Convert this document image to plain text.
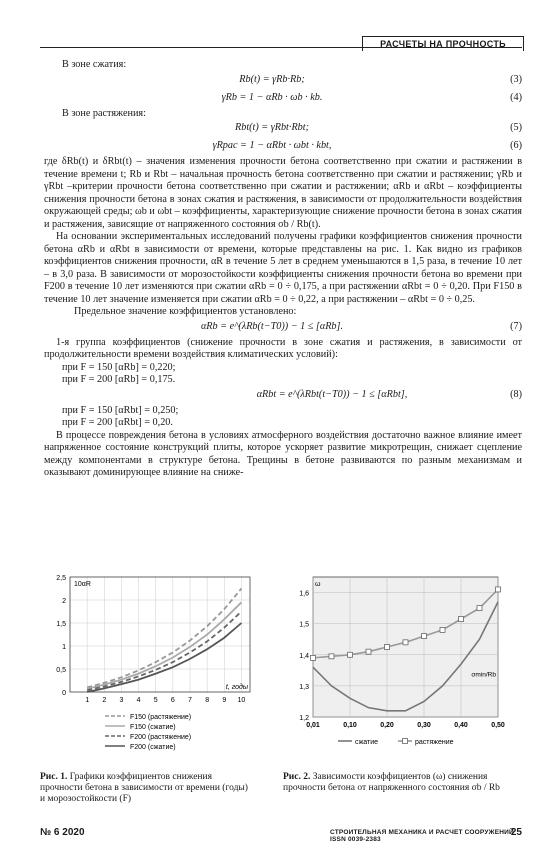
РАСЧЕТЫ НА ПРОЧНОСТЬ

В зоне сжатия:

Rb(t) = γRb·Rb;	(3)
γRb = 1 − αRb · ωb · kb.	(4)

В зоне растяжения:

Rbt(t) = γRbt·Rbt;	(5)
γRpac = 1 − αRbt · ωbt · kbt,	(6)

где δRb(t) и δRbt(t) – значения изменения прочности бетона соответственно при сжатии и растяжении в течение времени t; Rb и Rbt – начальная прочность бетона соответственно при сжатии и растяжении; γRb и γRbt –критерии прочности бетона соответственно при сжатии и растяжении; αRb и αRbt – коэффициенты снижения прочности бетона в зонах сжатия и растяжения, в зависимости от продолжительности воздействия окружающей среды; ωb и ωbt – коэффициенты, характеризующие снижение прочности бетона в зонах сжатия и растяжения, зависящие от напряженного состояния σb / Rb(t).

На основании экспериментальных исследований получены графики коэффициентов снижения прочности бетона αRb и αRbt в зависимости от времени, которые представлены на рис. 1. Как видно из графиков коэффициентов снижения прочности, αR в течение 5 лет в среднем уменьшаются в 1,5 раза, в течение 10 лет – в 3,0 раза. В зависимости от морозостойкости коэффициенты снижения прочности бетона во времени при F200 в течение 10 лет изменяются при сжатии αRb = 0 ÷ 0,175, а при растяжении αRbt = 0 ÷ 0,20. При F150 в течение 10 лет значение изменяется при сжатии αRb = 0 ÷ 0,22, а при растяжении – αRbt = 0 ÷ 0,25.

Предельное значение коэффициентов установлено:

αRb = e^(λRb(t−T0)) − 1 ≤ [αRb].	(7)

1-я группа коэффициентов (снижение прочности в зоне сжатия и растяжения, в зависимости от продолжительности времени воздействия климатических условий):

при F = 150 [αRb] = 0,220;

при F = 200 [αRb] = 0,175.

αRbt = e^(λRbt(t−T0)) − 1 ≤ [αRbt],	(8)

при F = 150 [αRbt] = 0,250;

при F = 200 [αRbt] = 0,20.

В процессе повреждения бетона в условиях атмосферного воздействия достаточно важное влияние имеет напряженное состояние конструкций плиты, которое ускоряет развитие микротрещин, снижает сцепление между компонентами в структуре бетона. Трещины в бетоне развиваются по разным механизмам и оказывают доминирующее влияние на сниже-

0
0,5
1
1,5
2
2,5
1 2 3 4 5 6 7 8 9 10
10αR
t, годы
F150 (растяжение)
F150 (сжатие)
F200 (растяжение)
F200 (сжатие)
Рис. 1. Графики коэффициентов снижения прочности бетона в зависимости от времени (годы) и морозостойкости (F)
1,2
1,3
1,4
1,5
1,6
0,01	0,10	0,20	0,30	0,40	0,50
ω
σmin/Rb
сжатие	растяжение
Рис. 2. Зависимости коэффициентов (ω) снижения прочности бетона от напряженного состояния σb / Rb
№ 6 2020	СТРОИТЕЛЬНАЯ МЕХАНИКА И РАСЧЕТ СООРУЖЕНИЙ ISSN 0039-2383
25
